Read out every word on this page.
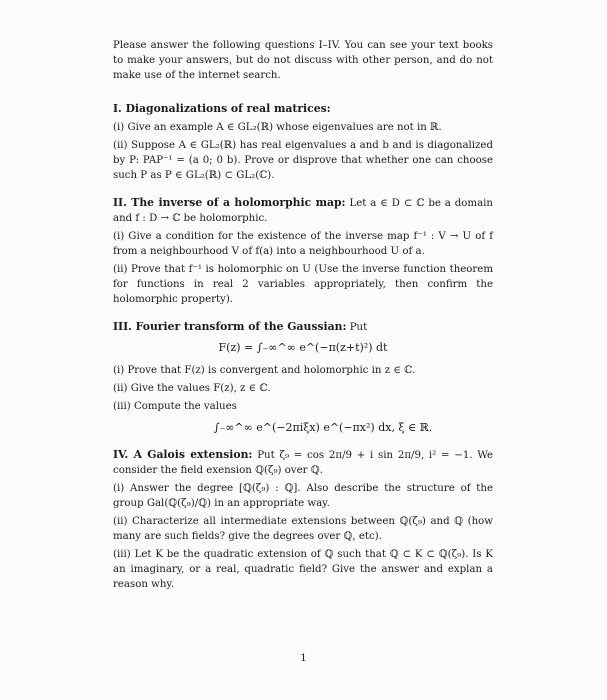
Please answer the following questions I–IV. You can see your text books to make your answers, but do not discuss with other person, and do not make use of the internet search.

I. Diagonalizations of real matrices:

(i) Give an example A ∈ GL₂(ℝ) whose eigenvalues are not in ℝ.

(ii) Suppose A ∈ GL₂(ℝ) has real eigenvalues a and b and is diagonalized by P: PAP⁻¹ = (a 0; 0 b). Prove or disprove that whether one can choose such P as P ∈ GL₂(ℝ) ⊂ GL₂(ℂ).

II. The inverse of a holomorphic map: Let a ∈ D ⊂ ℂ be a domain and f : D → ℂ be holomorphic.

(i) Give a condition for the existence of the inverse map f⁻¹ : V → U of f from a neighbourhood V of f(a) into a neighbourhood U of a.

(ii) Prove that f⁻¹ is holomorphic on U (Use the inverse function theorem for functions in real 2 variables appropriately, then confirm the holomorphic property).

III. Fourier transform of the Gaussian: Put

F(z) = ∫₋∞^∞ e^(−π(z+t)²) dt

(i) Prove that F(z) is convergent and holomorphic in z ∈ ℂ.

(ii) Give the values F(z), z ∈ ℂ.

(iii) Compute the values

∫₋∞^∞ e^(−2πiξx) e^(−πx²) dx, ξ ∈ ℝ.

IV. A Galois extension: Put ζ₉ = cos 2π/9 + i sin 2π/9, i² = −1. We consider the field exension ℚ(ζ₉) over ℚ.

(i) Answer the degree [ℚ(ζ₉) : ℚ]. Also describe the structure of the group Gal(ℚ(ζ₉)/ℚ) in an appropriate way.

(ii) Characterize all intermediate extensions between ℚ(ζ₉) and ℚ (how many are such fields? give the degrees over ℚ, etc).

(iii) Let K be the quadratic extension of ℚ such that ℚ ⊂ K ⊂ ℚ(ζ₉). Is K an imaginary, or a real, quadratic field? Give the answer and explan a reason why.

1
